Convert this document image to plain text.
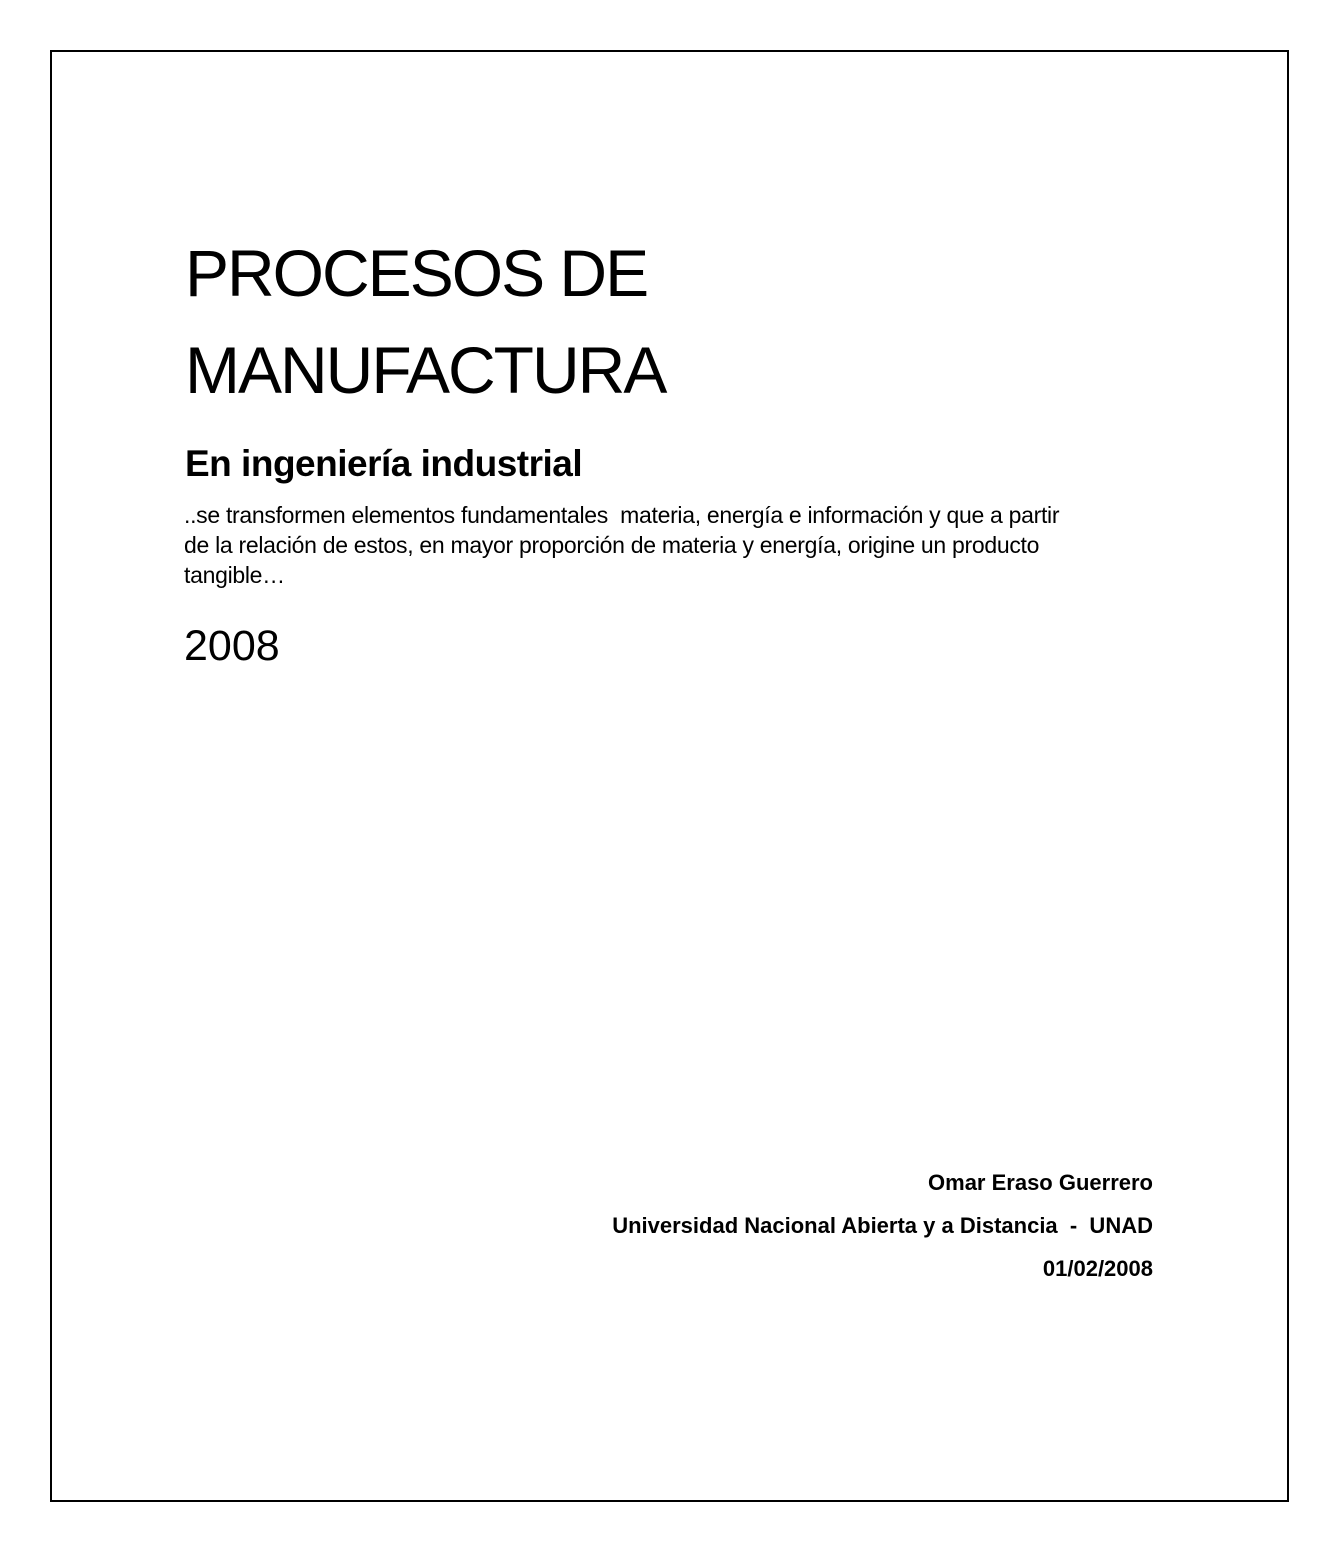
PROCESOS DE
MANUFACTURA
En ingeniería industrial
..se transformen elementos fundamentales  materia, energía e información y que a partir
de la relación de estos, en mayor proporción de materia y energía, origine un producto
tangible…
2008
Omar Eraso Guerrero
Universidad Nacional Abierta y a Distancia  -  UNAD
01/02/2008
